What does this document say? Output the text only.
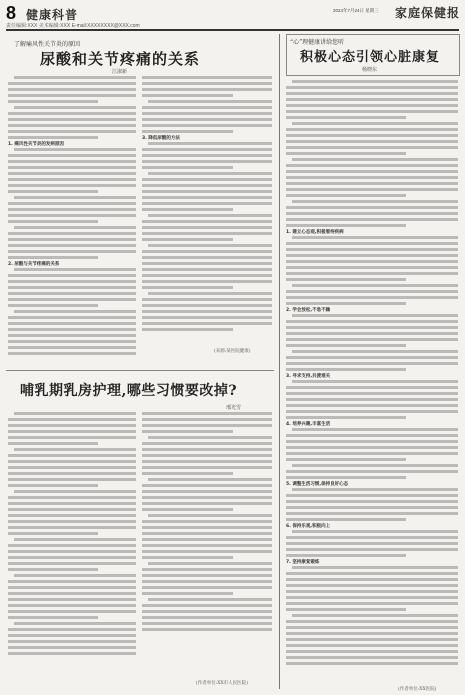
8 健康科普
责任编辑:XXX 美术编辑:XXX E-mail:XXXXXXXX@XXX.com
2024年7月24日 星期三 家庭保健报
了解痛风性关节炎的原因
尿酸和关节疼痛的关系
江淑新
1. 痛风性关节炎的发病原因
2. 尿酸与关节疼痛的关系
3. 降低尿酸的方法
(来源:某医院健康)
哺乳期乳房护理,哪些习惯要改掉?
邢光雪
(作者单位:XX市人民医院)
“心”理健康讲给您听
积极心态引领心脏康复
杨晓东
1. 建立心态观,积极看待疾病
2. 学会放松,不急不躁
3. 寻求支持,共渡难关
4. 培养兴趣,丰富生活
5. 调整生活习惯,保持良好心态
6. 保持乐观,积极向上
7. 坚持康复锻炼
(作者单位:XX医院)
